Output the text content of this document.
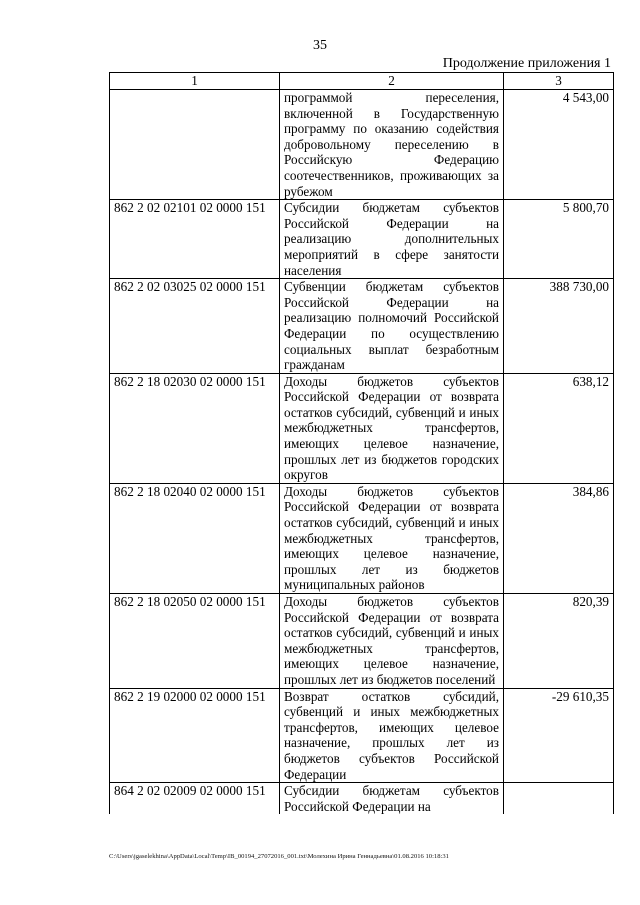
35
Продолжение приложения 1
1	2	3
	программой переселения, включенной в Государственную программу по оказанию содействия добровольному переселению в Российскую Федерацию соотечественников, проживающих за рубежом	4 543,00
862 2 02 02101 02 0000 151	Субсидии бюджетам субъектов Российской Федерации на реализацию дополнительных мероприятий в сфере занятости населения	5 800,70
862 2 02 03025 02 0000 151	Субвенции бюджетам субъектов Российской Федерации на реализацию полномочий Российской Федерации по осуществлению социальных выплат безработным гражданам	388 730,00
862 2 18 02030 02 0000 151	Доходы бюджетов субъектов Российской Федерации от возврата остатков субсидий, субвенций и иных межбюджетных трансфертов, имеющих целевое назначение, прошлых лет из бюджетов городских округов	638,12
862 2 18 02040 02 0000 151	Доходы бюджетов субъектов Российской Федерации от возврата остатков субсидий, субвенций и иных межбюджетных трансфертов, имеющих целевое назначение, прошлых лет из бюджетов муниципальных районов	384,86
862 2 18 02050 02 0000 151	Доходы бюджетов субъектов Российской Федерации от возврата остатков субсидий, субвенций и иных межбюджетных трансфертов, имеющих целевое назначение, прошлых лет из бюджетов поселений	820,39
862 2 19 02000 02 0000 151	Возврат остатков субсидий, субвенций и иных межбюджетных трансфертов, имеющих целевое назначение, прошлых лет из бюджетов субъектов Российской Федерации	-29 610,35
864 2 02 02009 02 0000 151	Субсидии бюджетам субъектов Российской Федерации на	
C:\Users\jgaselekhina\AppData\Local\Temp\IB_00194_27072016_001.txt\Молехина Ирина Геннадьевна\01.08.2016 10:18:31
